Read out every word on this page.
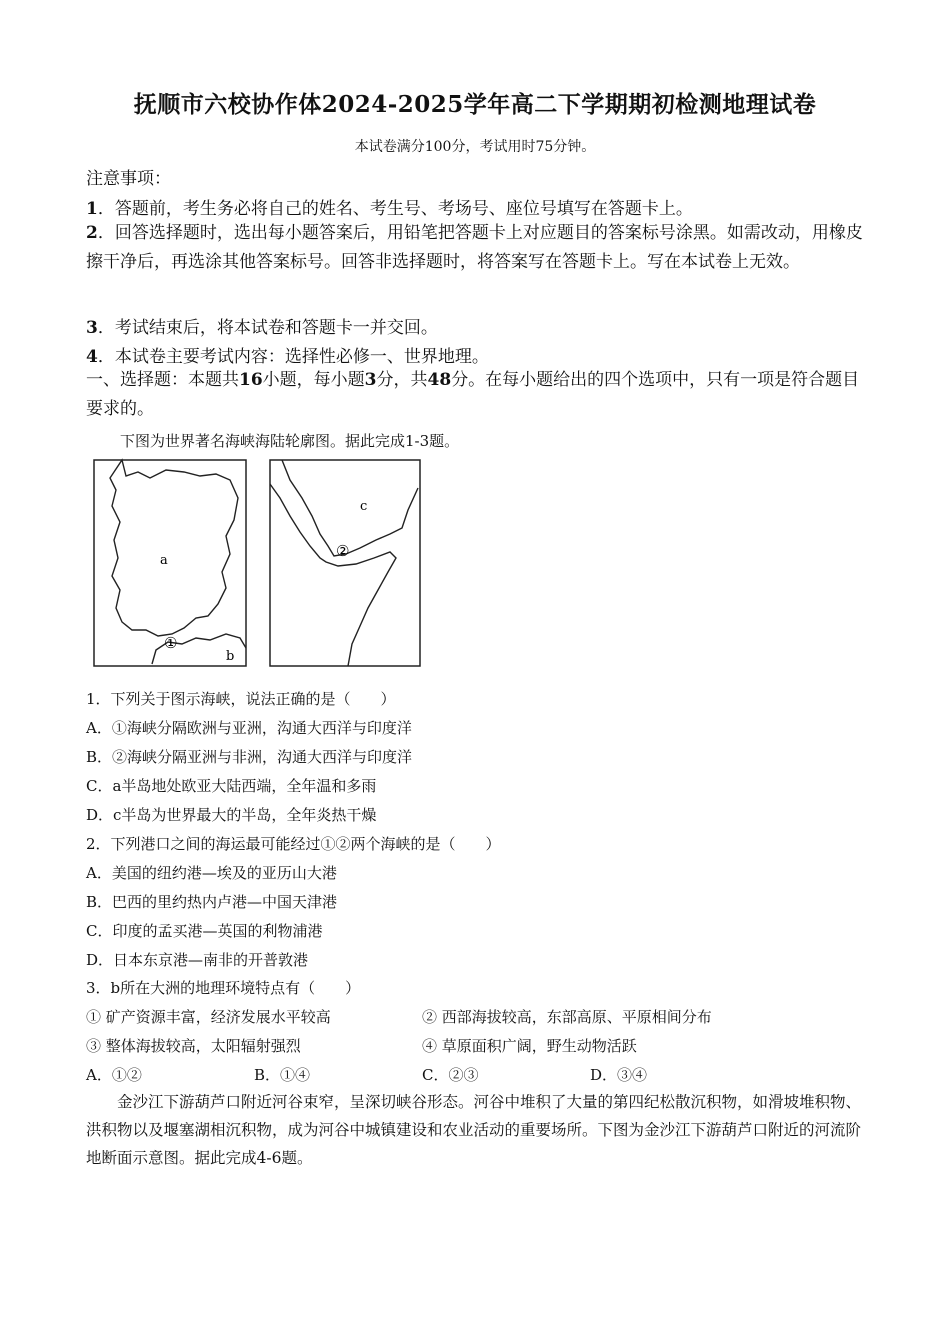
抚顺市六校协作体2024-2025学年高二下学期期初检测地理试卷
本试卷满分100分，考试用时75分钟。
注意事项：
1．答题前，考生务必将自己的姓名、考生号、考场号、座位号填写在答题卡上。
2．回答选择题时，选出每小题答案后，用铅笔把答题卡上对应题目的答案标号涂黑。如需改动，用橡皮擦干净后，再选涂其他答案标号。回答非选择题时，将答案写在答题卡上。写在本试卷上无效。
3．考试结束后，将本试卷和答题卡一并交回。
4．本试卷主要考试内容：选择性必修一、世界地理。
一、选择题：本题共16小题，每小题3分，共48分。在每小题给出的四个选项中，只有一项是符合题目要求的。
下图为世界著名海峡海陆轮廓图。据此完成1-3题。
a
b
①
c
②
1．下列关于图示海峡，说法正确的是（　　）
A．①海峡分隔欧洲与亚洲，沟通大西洋与印度洋
B．②海峡分隔亚洲与非洲，沟通大西洋与印度洋
C．a半岛地处欧亚大陆西端，全年温和多雨
D．c半岛为世界最大的半岛，全年炎热干燥
2．下列港口之间的海运最可能经过①②两个海峡的是（　　）
A．美国的纽约港—埃及的亚历山大港
B．巴西的里约热内卢港—中国天津港
C．印度的孟买港—英国的利物浦港
D．日本东京港—南非的开普敦港
3．b所在大洲的地理环境特点有（　　）
① 矿产资源丰富，经济发展水平较高	② 西部海拔较高，东部高原、平原相间分布
③ 整体海拔较高，太阳辐射强烈	④ 草原面积广阔，野生动物活跃
A．①②	B．①④	C．②③	D．③④
金沙江下游葫芦口附近河谷束窄，呈深切峡谷形态。河谷中堆积了大量的第四纪松散沉积物，如滑坡堆积物、洪积物以及堰塞湖相沉积物，成为河谷中城镇建设和农业活动的重要场所。下图为金沙江下游葫芦口附近的河流阶地断面示意图。据此完成4-6题。
